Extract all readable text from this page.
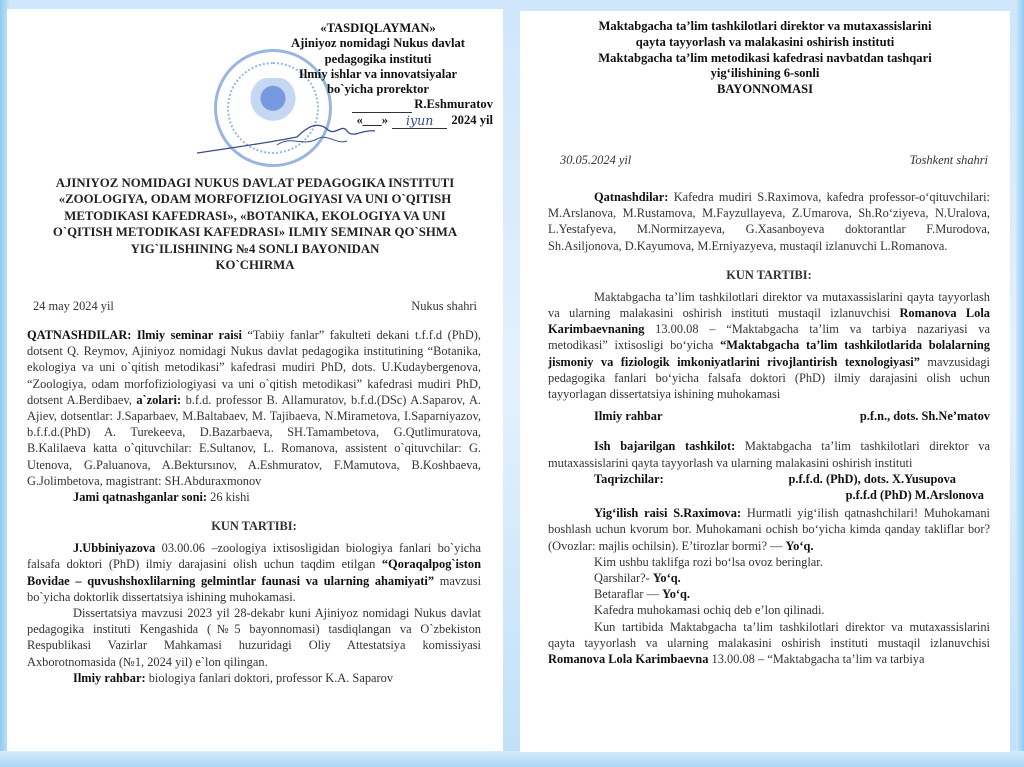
«TASDIQLAYMAN»
Ajiniyoz nomidagi Nukus davlat
pedagogika instituti
Ilmiy ishlar va innovatsiyalar
bo`yicha prorektor
R.Eshmuratov
«___»	iyun	2024 yil
AJINIYOZ NOMIDAGI NUKUS DAVLAT PEDAGOGIKA INSTITUTI
«ZOOLOGIYA, ODAM MORFOFIZIOLOGIYASI VA UNI O`QITISH
METODIKASI KAFEDRASI», «BOTANIKA, EKOLOGIYA VA UNI
O`QITISH METODIKASI KAFEDRASI» ILMIY SEMINAR QO`SHMA
YIG`ILISHINING №4 SONLI BAYONIDAN
KO`CHIRMA
24 may 2024 yil	Nukus shahri

QATNASHDILAR: Ilmiy seminar raisi “Tabiiy fanlar” fakulteti dekani t.f.f.d (PhD), dotsent Q. Reymov, Ajiniyoz nomidagi Nukus davlat pedagogika institutining “Botanika, ekologiya va uni o`qitish metodikasi” kafedrasi mudiri PhD, dots. U.Kudaybergenova, “Zoologiya, odam morfofiziologiyasi va uni o`qitish metodikasi” kafedrasi mudiri PhD, dotsent A.Berdibaev, a`zolari: b.f.d. professor B. Allamuratov, b.f.d.(DSc) A.Saparov, A. Ajiev, dotsentlar: J.Saparbaev, M.Baltabaev, M. Tajibaeva, N.Mirametova, I.Saparniyazov, b.f.f.d.(PhD) A. Turekeeva, D.Bazarbaeva, SH.Tamambetova, G.Qutlimuratova, B.Kalilaeva katta o`qituvchilar: E.Sultanov, L. Romanova, assistent o`qituvchilar: G. Utenova, G.Paluanova, A.Bektursınov, A.Eshmuratov, F.Mamutova, B.Koshbaeva, G.Jolimbetova, magistrant: SH.Abduraxmonov

Jami qatnashganlar soni: 26 kishi

KUN TARTIBI:

J.Ubbiniyazova 03.00.06 –zoologiya ixtisosligidan biologiya fanlari bo`yicha falsafa doktori (PhD) ilmiy darajasini olish uchun taqdim etilgan “Qoraqalpog`iston Bovidae – quvushshoxlilarning gelmintlar faunasi va ularning ahamiyati” mavzusi bo`yicha doktorlik dissertatsiya ishining muhokamasi.

Dissertatsiya mavzusi 2023 yil 28-dekabr kuni Ajiniyoz nomidagi Nukus davlat pedagogika instituti Kengashida (№5 bayonnomasi) tasdiqlangan va O`zbekiston Respublikasi Vazirlar Mahkamasi huzuridagi Oliy Attestatsiya komissiyasi Axborotnomasida (№1, 2024 yil) e`lon qilingan.

Ilmiy rahbar: biologiya fanlari doktori, professor K.A. Saparov

Maktabgacha ta’lim tashkilotlari direktor va mutaxassislarini
qayta tayyorlash va malakasini oshirish instituti
Maktabgacha ta’lim metodikasi kafedrasi navbatdan tashqari
yig‘ilishining 6-sonli
BAYONNOMASI
30.05.2024 yil	Toshkent shahri

Qatnashdilar: Kafedra mudiri S.Raximova, kafedra professor-o‘qituvchilari: M.Arslanova, M.Rustamova, M.Fayzullayeva, Z.Umarova, Sh.Ro‘ziyeva, N.Uralova, L.Yestafyeva, M.Normirzayeva, G.Xasanboyeva doktorantlar F.Murodova, Sh.Asiljonova, D.Kayumova, M.Erniyazyeva, mustaqil izlanuvchi L.Romanova.

KUN TARTIBI:

Maktabgacha ta’lim tashkilotlari direktor va mutaxassislarini qayta tayyorlash va ularning malakasini oshirish instituti mustaqil izlanuvchisi Romanova Lola Karimbaevnaning 13.00.08 – “Maktabgacha ta’lim va tarbiya nazariyasi va metodikasi” ixtisosligi bo‘yicha “Maktabgacha ta’lim tashkilotlarida bolalarning jismoniy va fiziologik imkoniyatlarini rivojlantirish texnologiyasi” mavzusidagi pedagogika fanlari bo‘yicha falsafa doktori (PhD) ilmiy darajasini olish uchun tayyorlagan dissertatsiya ishining muhokamasi

Ilmiy rahbar	p.f.n., dots. Sh.Ne’matov

Ish bajarilgan tashkilot: Maktabgacha ta’lim tashkilotlari direktor va mutaxassislarini qayta tayyorlash va ularning malakasini oshirish instituti

Taqrizchilar:	p.f.f.d. (PhD), dots. X.Yusupova
p.f.f.d (PhD) M.Arslonova

Yig‘ilish raisi S.Raximova: Hurmatli yig‘ilish qatnashchilari! Muhokamani boshlash uchun kvorum bor. Muhokamani ochish bo‘yicha kimda qanday takliflar bor? (Ovozlar: majlis ochilsin). E’tirozlar bormi? — Yo‘q.

Kim ushbu taklifga rozi bo‘lsa ovoz beringlar.

Qarshilar?- Yo‘q.

Betaraflar — Yo‘q.

Kafedra muhokamasi ochiq deb e’lon qilinadi.

Kun tartibida Maktabgacha ta’lim tashkilotlari direktor va mutaxassislarini qayta tayyorlash va ularning malakasini oshirish instituti mustaqil izlanuvchisi Romanova Lola Karimbaevna 13.00.08 – “Maktabgacha ta’lim va tarbiya
